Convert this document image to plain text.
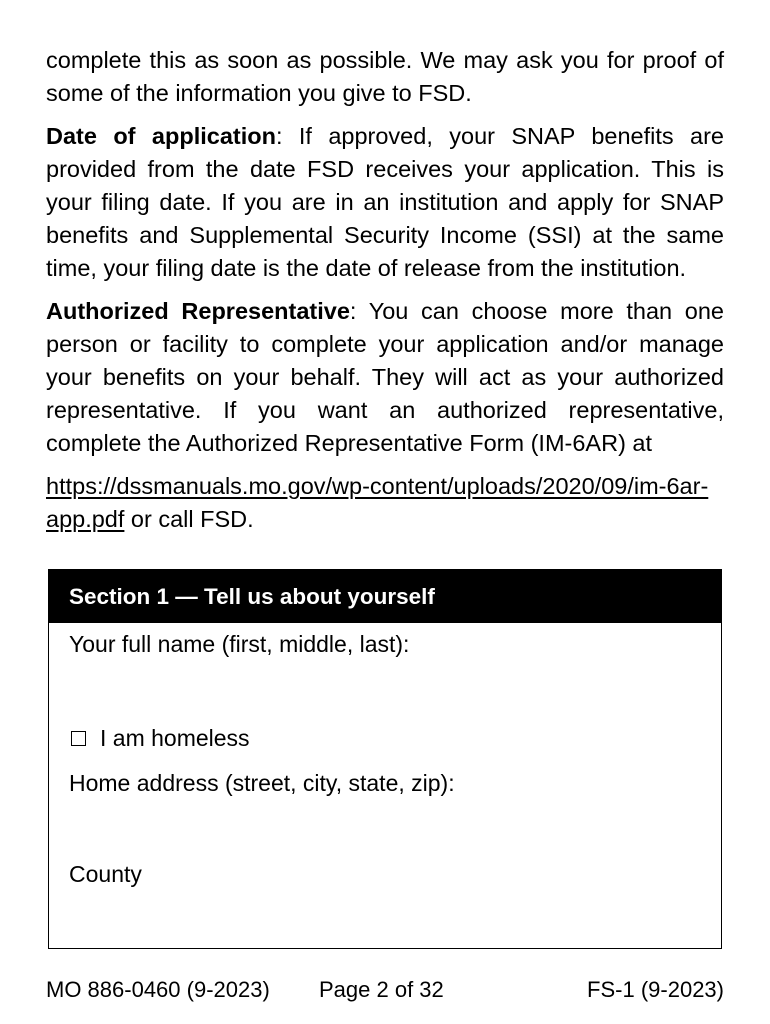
complete this as soon as possible. We may ask you for proof of some of the information you give to FSD.

Date of application: If approved, your SNAP benefits are provided from the date FSD receives your application. This is your filing date. If you are in an institution and apply for SNAP benefits and Supplemental Security Income (SSI) at the same time, your filing date is the date of release from the institution.

Authorized Representative: You can choose more than one person or facility to complete your application and/or manage your benefits on your behalf. They will act as your authorized representative. If you want an authorized representative, complete the Authorized Representative Form (IM-6AR) at

https://dssmanuals.mo.gov/wp-content/uploads/2020/09/im-6ar-app.pdf or call FSD.

Section 1 — Tell us about yourself
Your full name (first, middle, last):
I am homeless
Home address (street, city, state, zip):
County
MO 886-0460 (9-2023) Page 2 of 32	FS-1 (9-2023)
